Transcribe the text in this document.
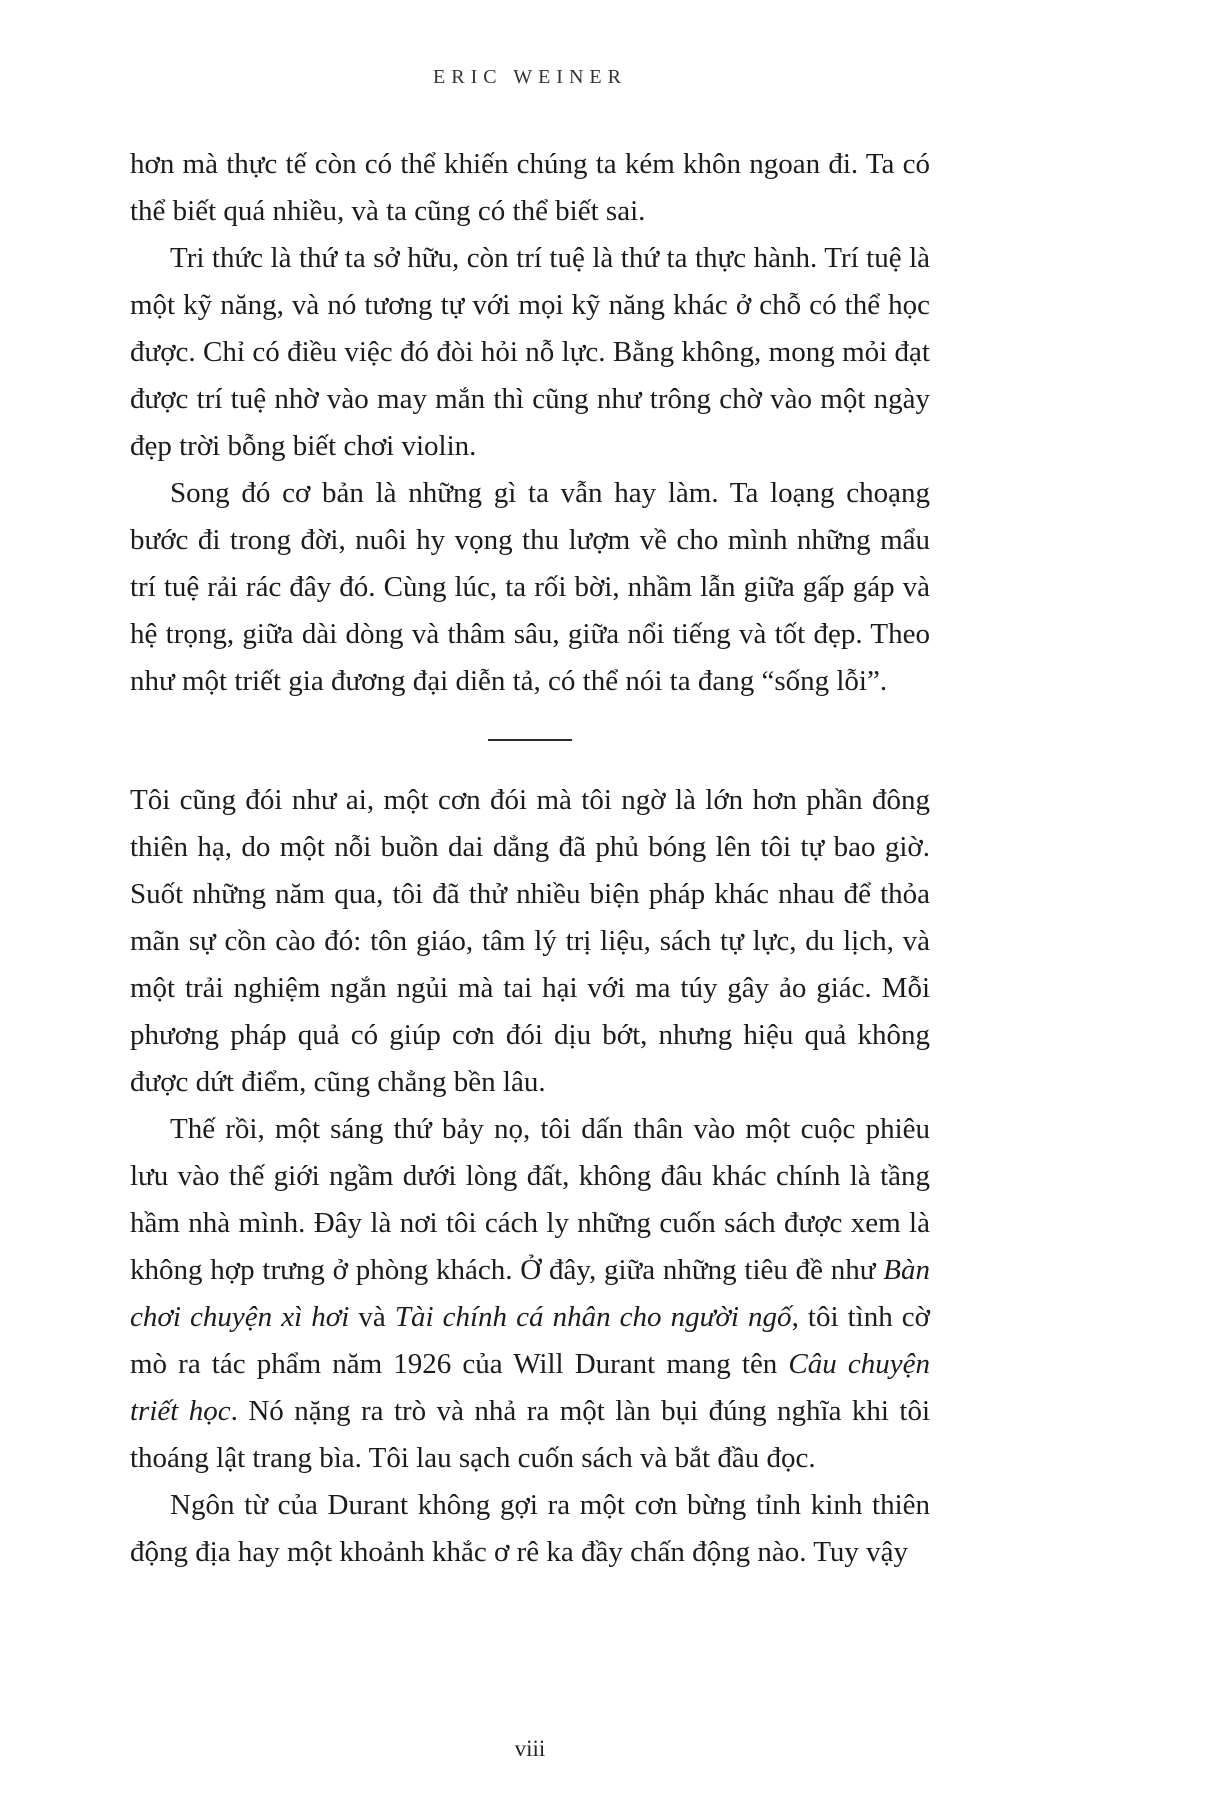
ERIC WEINER

hơn mà thực tế còn có thể khiến chúng ta kém khôn ngoan đi. Ta có thể biết quá nhiều, và ta cũng có thể biết sai.

Tri thức là thứ ta sở hữu, còn trí tuệ là thứ ta thực hành. Trí tuệ là một kỹ năng, và nó tương tự với mọi kỹ năng khác ở chỗ có thể học được. Chỉ có điều việc đó đòi hỏi nỗ lực. Bằng không, mong mỏi đạt được trí tuệ nhờ vào may mắn thì cũng như trông chờ vào một ngày đẹp trời bỗng biết chơi violin.

Song đó cơ bản là những gì ta vẫn hay làm. Ta loạng choạng bước đi trong đời, nuôi hy vọng thu lượm về cho mình những mẩu trí tuệ rải rác đây đó. Cùng lúc, ta rối bời, nhầm lẫn giữa gấp gáp và hệ trọng, giữa dài dòng và thâm sâu, giữa nổi tiếng và tốt đẹp. Theo như một triết gia đương đại diễn tả, có thể nói ta đang “sống lỗi”.

Tôi cũng đói như ai, một cơn đói mà tôi ngờ là lớn hơn phần đông thiên hạ, do một nỗi buồn dai dẳng đã phủ bóng lên tôi tự bao giờ. Suốt những năm qua, tôi đã thử nhiều biện pháp khác nhau để thỏa mãn sự cồn cào đó: tôn giáo, tâm lý trị liệu, sách tự lực, du lịch, và một trải nghiệm ngắn ngủi mà tai hại với ma túy gây ảo giác. Mỗi phương pháp quả có giúp cơn đói dịu bớt, nhưng hiệu quả không được dứt điểm, cũng chẳng bền lâu.

Thế rồi, một sáng thứ bảy nọ, tôi dấn thân vào một cuộc phiêu lưu vào thế giới ngầm dưới lòng đất, không đâu khác chính là tầng hầm nhà mình. Đây là nơi tôi cách ly những cuốn sách được xem là không hợp trưng ở phòng khách. Ở đây, giữa những tiêu đề như Bàn chơi chuyện xì hơi và Tài chính cá nhân cho người ngố, tôi tình cờ mò ra tác phẩm năm 1926 của Will Durant mang tên Câu chuyện triết học. Nó nặng ra trò và nhả ra một làn bụi đúng nghĩa khi tôi thoáng lật trang bìa. Tôi lau sạch cuốn sách và bắt đầu đọc.

Ngôn từ của Durant không gợi ra một cơn bừng tỉnh kinh thiên động địa hay một khoảnh khắc ơ rê ka đầy chấn động nào. Tuy vậy

viii
